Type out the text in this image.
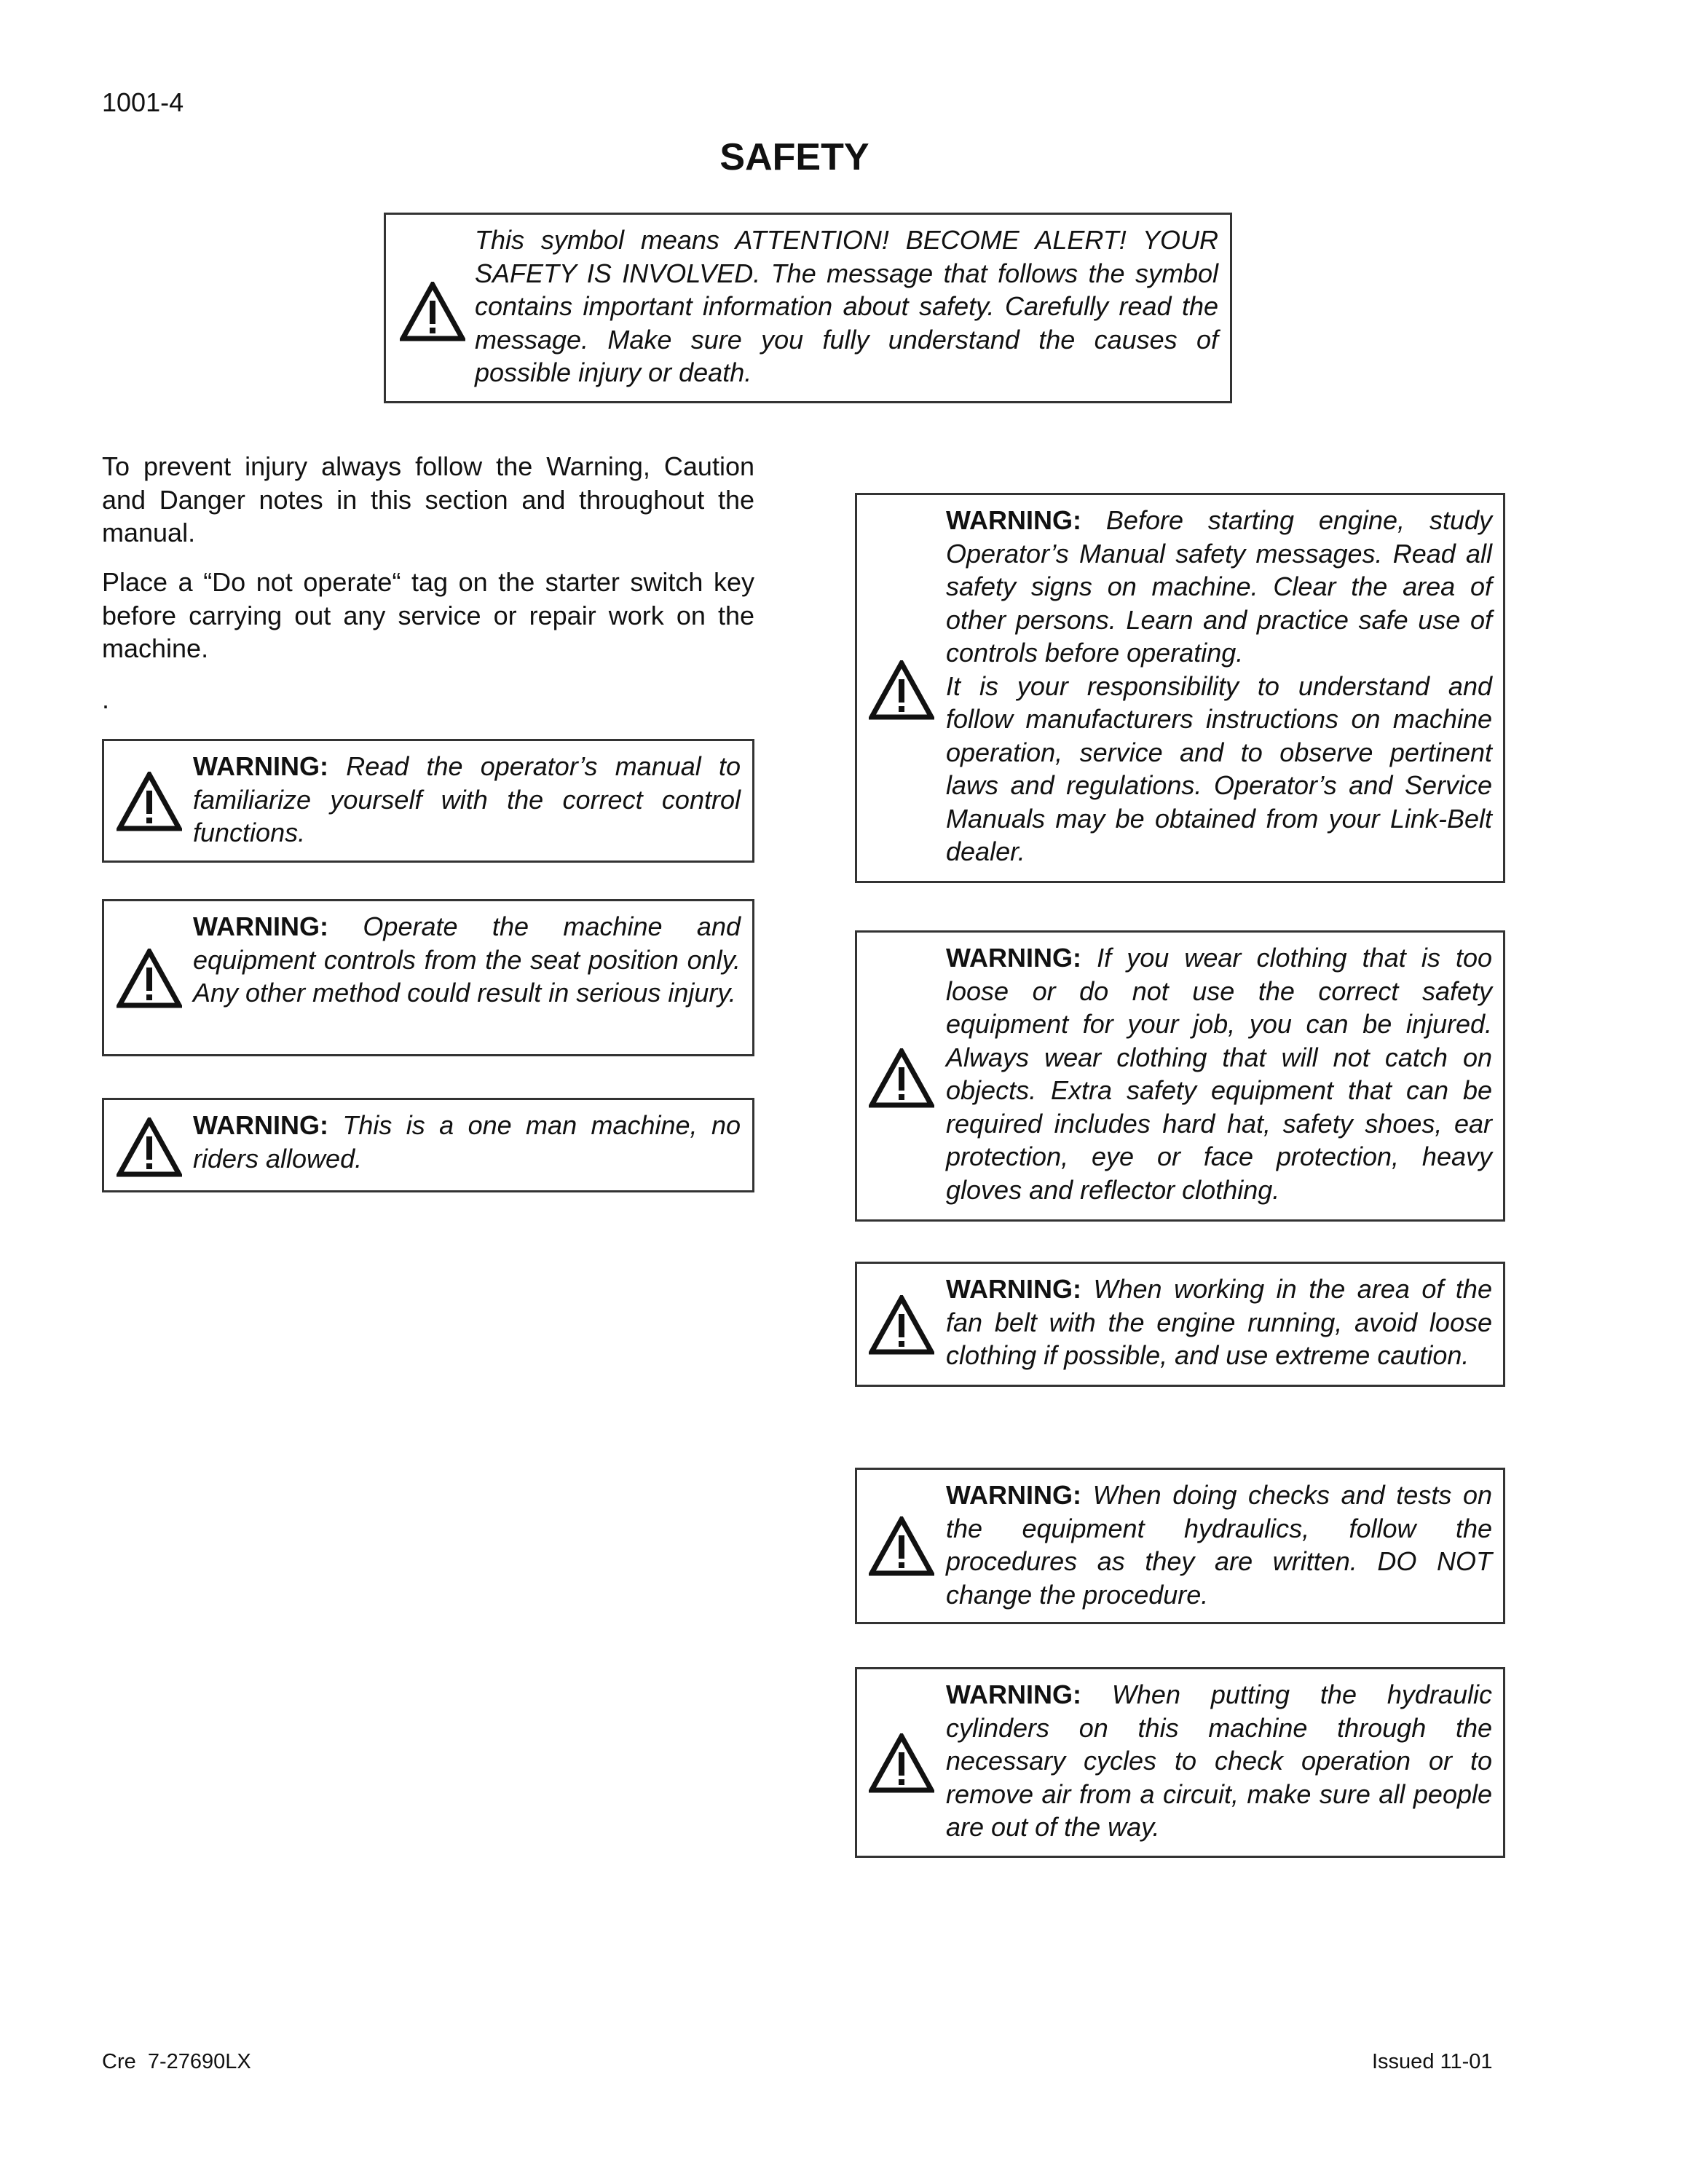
1001-4
SAFETY
This symbol means ATTENTION! BECOME ALERT! YOUR SAFETY IS INVOLVED. The message that follows the symbol contains important information about safety. Carefully read the message. Make sure you fully understand the causes of possible injury or death.
To prevent injury always follow the Warning, Caution and Danger notes in this section and throughout the manual.
Place a “Do not operate“ tag on the starter switch key before carrying out any service or repair work on the machine.
.
WARNING: Read the operator’s manual to familiarize yourself with the correct control functions.
WARNING: Operate the machine and equipment controls from the seat position only. Any other method could result in serious injury.
WARNING: This is a one man machine, no riders allowed.
WARNING: Before starting engine, study Operator’s Manual safety messages. Read all safety signs on machine. Clear the area of other persons. Learn and practice safe use of controls before operating.
It is your responsibility to understand and follow manufacturers instructions on machine operation, service and to observe pertinent laws and regulations. Operator’s and Service Manuals may be obtained from your Link-Belt dealer.
WARNING: If you wear clothing that is too loose or do not use the correct safety equipment for your job, you can be injured. Always wear clothing that will not catch on objects. Extra safety equipment that can be required includes hard hat, safety shoes, ear protection, eye or face protection, heavy gloves and reflector clothing.
WARNING: When working in the area of the fan belt with the engine running, avoid loose clothing if possible, and use extreme caution.
WARNING: When doing checks and tests on the equipment hydraulics, follow the procedures as they are written. DO NOT change the procedure.
WARNING: When putting the hydraulic cylinders on this machine through the necessary cycles to check operation or to remove air from a circuit, make sure all people are out of the way.
Cre  7-27690LX	Issued 11-01
